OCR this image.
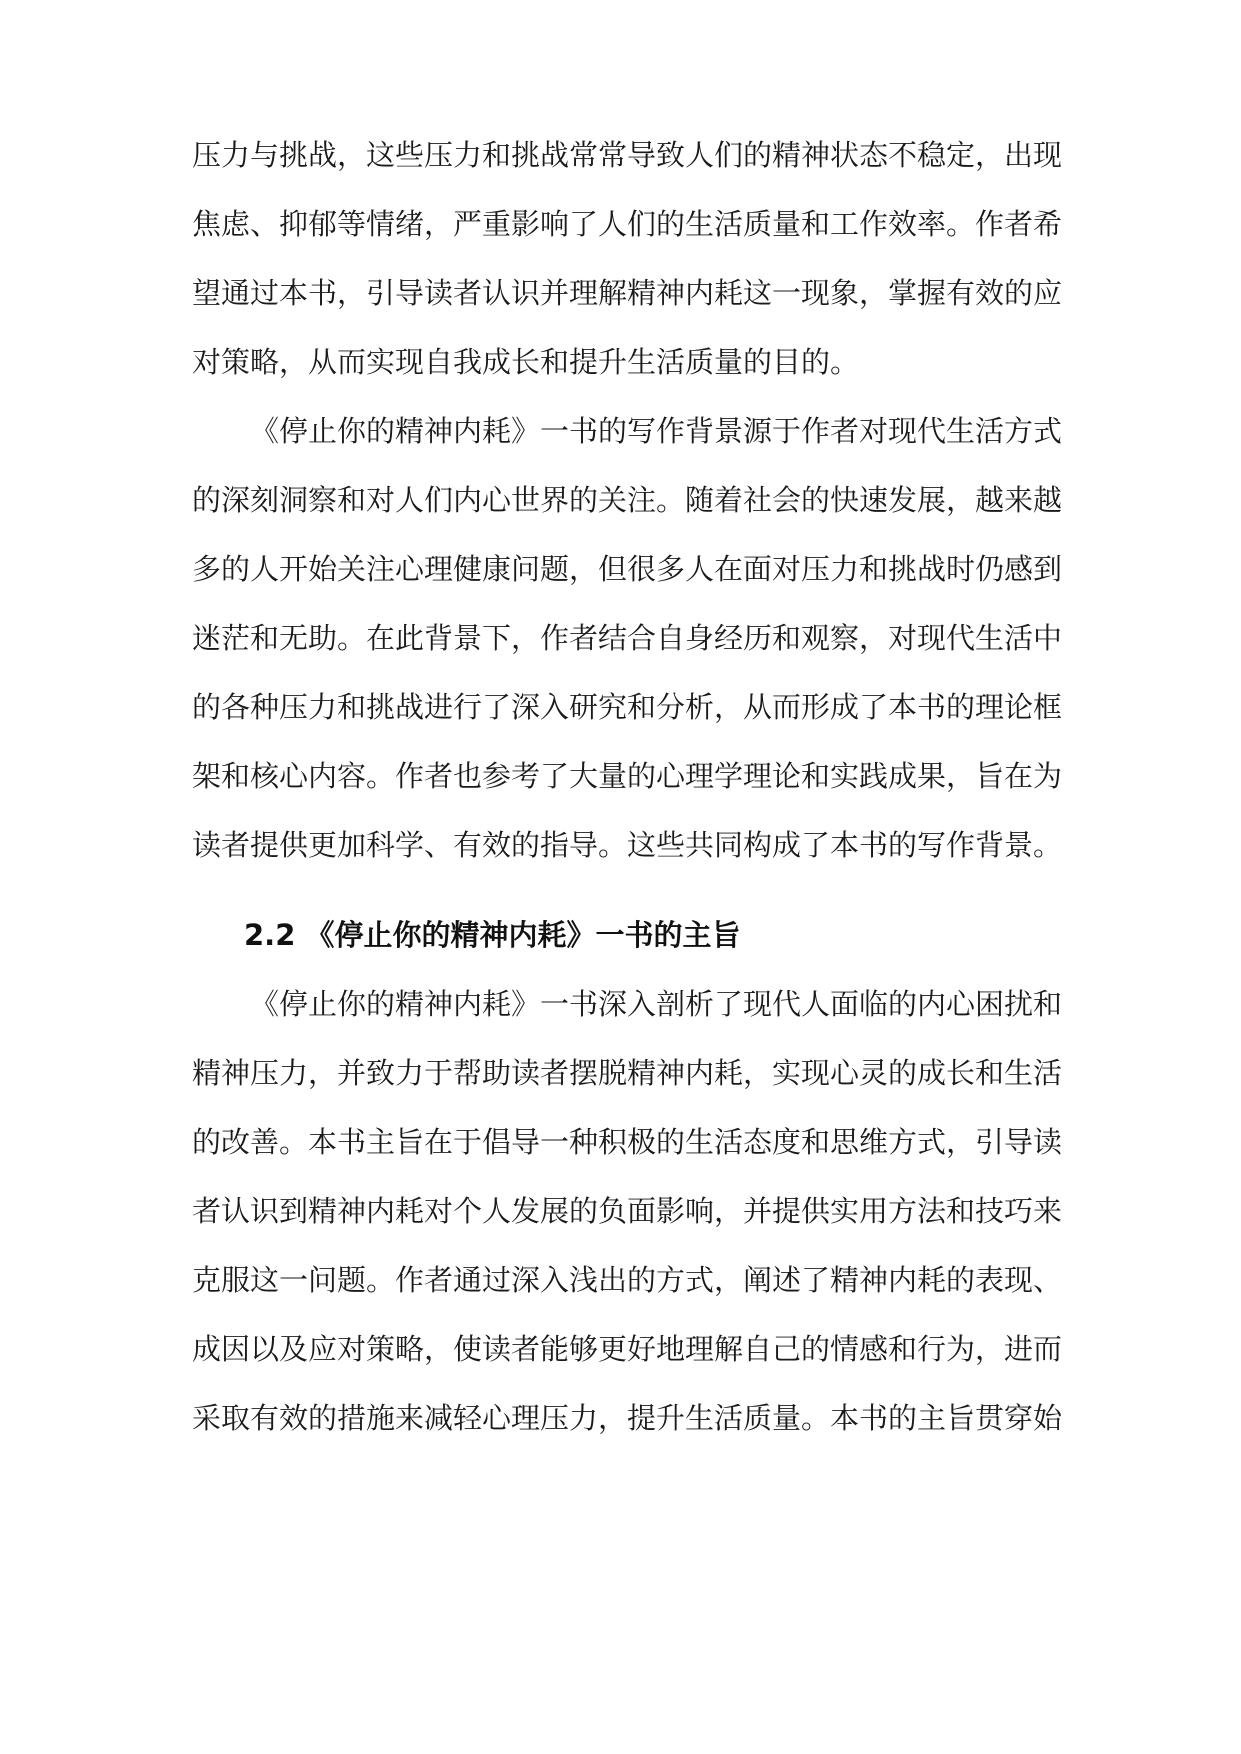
压力与挑战，这些压力和挑战常常导致人们的精神状态不稳定，出现
焦虑、抑郁等情绪，严重影响了人们的生活质量和工作效率。作者希
望通过本书，引导读者认识并理解精神内耗这一现象，掌握有效的应
对策略，从而实现自我成长和提升生活质量的目的。
《停止你的精神内耗》一书的写作背景源于作者对现代生活方式
的深刻洞察和对人们内心世界的关注。随着社会的快速发展，越来越
多的人开始关注心理健康问题，但很多人在面对压力和挑战时仍感到
迷茫和无助。在此背景下，作者结合自身经历和观察，对现代生活中
的各种压力和挑战进行了深入研究和分析，从而形成了本书的理论框
架和核心内容。作者也参考了大量的心理学理论和实践成果，旨在为
读者提供更加科学、有效的指导。这些共同构成了本书的写作背景。
2.2 《停止你的精神内耗》一书的主旨
《停止你的精神内耗》一书深入剖析了现代人面临的内心困扰和
精神压力，并致力于帮助读者摆脱精神内耗，实现心灵的成长和生活
的改善。本书主旨在于倡导一种积极的生活态度和思维方式，引导读
者认识到精神内耗对个人发展的负面影响，并提供实用方法和技巧来
克服这一问题。作者通过深入浅出的方式，阐述了精神内耗的表现、
成因以及应对策略，使读者能够更好地理解自己的情感和行为，进而
采取有效的措施来减轻心理压力，提升生活质量。本书的主旨贯穿始
